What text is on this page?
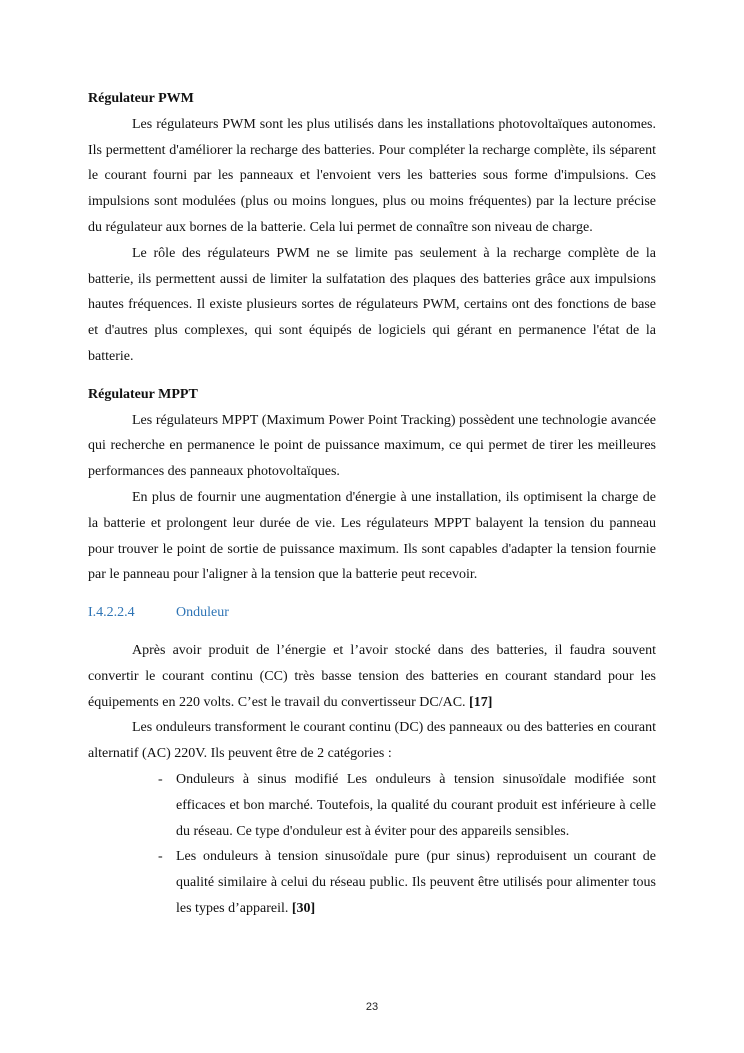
Régulateur PWM

Les régulateurs PWM sont les plus utilisés dans les installations photovoltaïques autonomes. Ils permettent d'améliorer la recharge des batteries. Pour compléter la recharge complète, ils séparent le courant fourni par les panneaux et l'envoient vers les batteries sous forme d'impulsions. Ces impulsions sont modulées (plus ou moins longues, plus ou moins fréquentes) par la lecture précise du régulateur aux bornes de la batterie. Cela lui permet de connaître son niveau de charge.

Le rôle des régulateurs PWM ne se limite pas seulement à la recharge complète de la batterie, ils permettent aussi de limiter la sulfatation des plaques des batteries grâce aux impulsions hautes fréquences. Il existe plusieurs sortes de régulateurs PWM, certains ont des fonctions de base et d'autres plus complexes, qui sont équipés de logiciels qui gérant en permanence l'état de la batterie.

Régulateur MPPT

Les régulateurs MPPT (Maximum Power Point Tracking) possèdent une technologie avancée qui recherche en permanence le point de puissance maximum, ce qui permet de tirer les meilleures performances des panneaux photovoltaïques.

En plus de fournir une augmentation d'énergie à une installation, ils optimisent la charge de la batterie et prolongent leur durée de vie. Les régulateurs MPPT balayent la tension du panneau pour trouver le point de sortie de puissance maximum. Ils sont capables d'adapter la tension fournie par le panneau pour l'aligner à la tension que la batterie peut recevoir.

I.4.2.2.4	Onduleur

Après avoir produit de l’énergie et l’avoir stocké dans des batteries, il faudra souvent convertir le courant continu (CC) très basse tension des batteries en courant standard pour les équipements en 220 volts. C’est le travail du convertisseur DC/AC. [17]

Les onduleurs transforment le courant continu (DC) des panneaux ou des batteries en courant alternatif (AC) 220V. Ils peuvent être de 2 catégories :

- Onduleurs à sinus modifié Les onduleurs à tension sinusoïdale modifiée sont efficaces et bon marché. Toutefois, la qualité du courant produit est inférieure à celle du réseau. Ce type d'onduleur est à éviter pour des appareils sensibles.
- Les onduleurs à tension sinusoïdale pure (pur sinus) reproduisent un courant de qualité similaire à celui du réseau public. Ils peuvent être utilisés pour alimenter tous les types d’appareil. [30]
23
